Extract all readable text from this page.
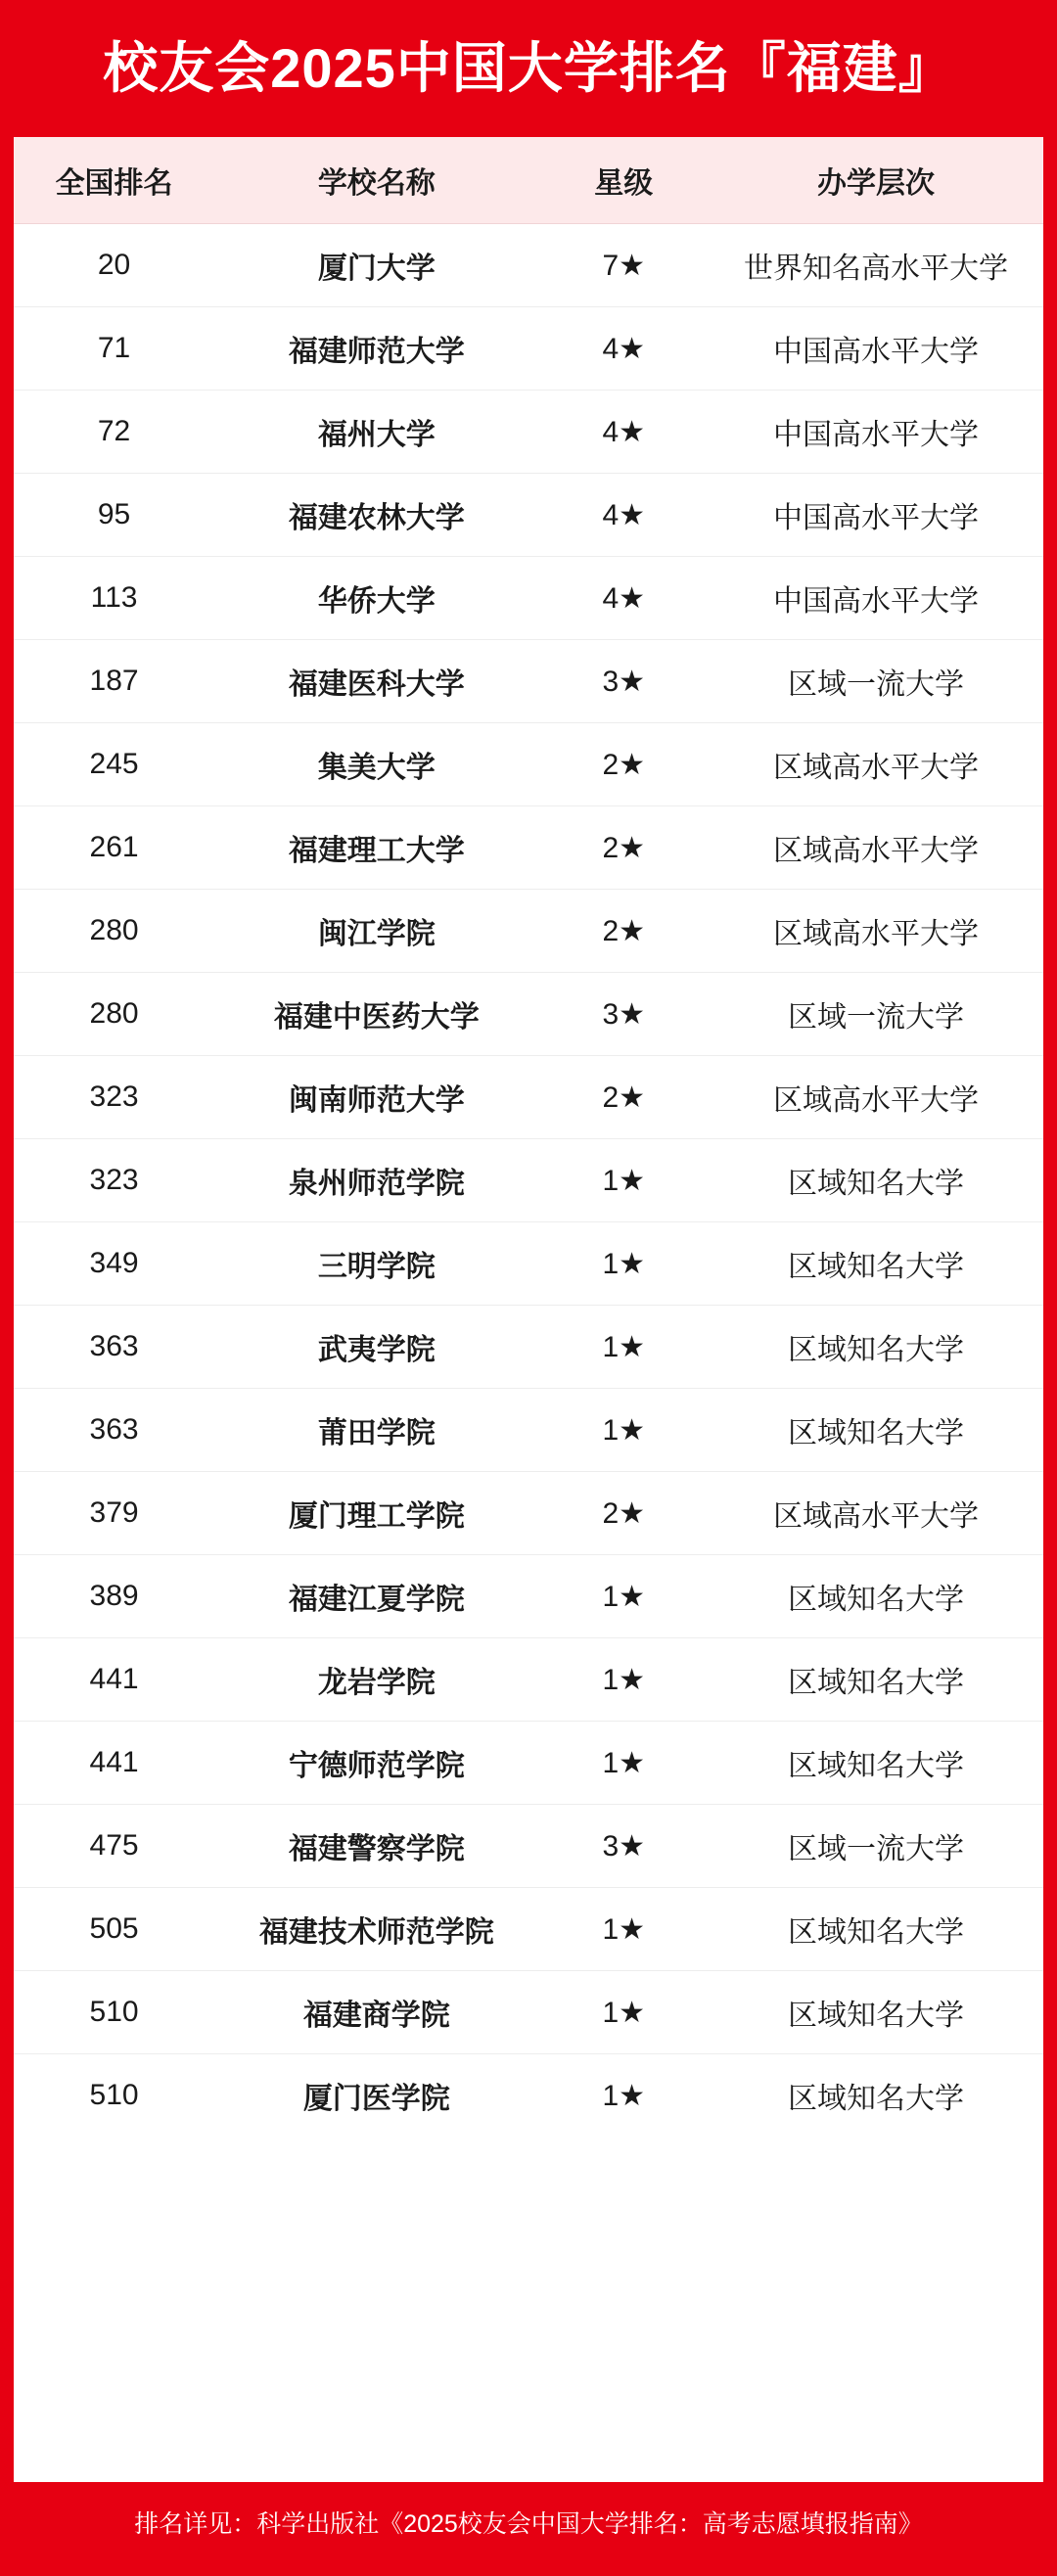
校友会2025中国大学排名『福建』
全国排名	学校名称	星级	办学层次
20	厦门大学	7★	世界知名高水平大学
71	福建师范大学	4★	中国高水平大学
72	福州大学	4★	中国高水平大学
95	福建农林大学	4★	中国高水平大学
113	华侨大学	4★	中国高水平大学
187	福建医科大学	3★	区域一流大学
245	集美大学	2★	区域高水平大学
261	福建理工大学	2★	区域高水平大学
280	闽江学院	2★	区域高水平大学
280	福建中医药大学	3★	区域一流大学
323	闽南师范大学	2★	区域高水平大学
323	泉州师范学院	1★	区域知名大学
349	三明学院	1★	区域知名大学
363	武夷学院	1★	区域知名大学
363	莆田学院	1★	区域知名大学
379	厦门理工学院	2★	区域高水平大学
389	福建江夏学院	1★	区域知名大学
441	龙岩学院	1★	区域知名大学
441	宁德师范学院	1★	区域知名大学
475	福建警察学院	3★	区域一流大学
505	福建技术师范学院	1★	区域知名大学
510	福建商学院	1★	区域知名大学
510	厦门医学院	1★	区域知名大学
排名详见：科学出版社《2025校友会中国大学排名：高考志愿填报指南》
